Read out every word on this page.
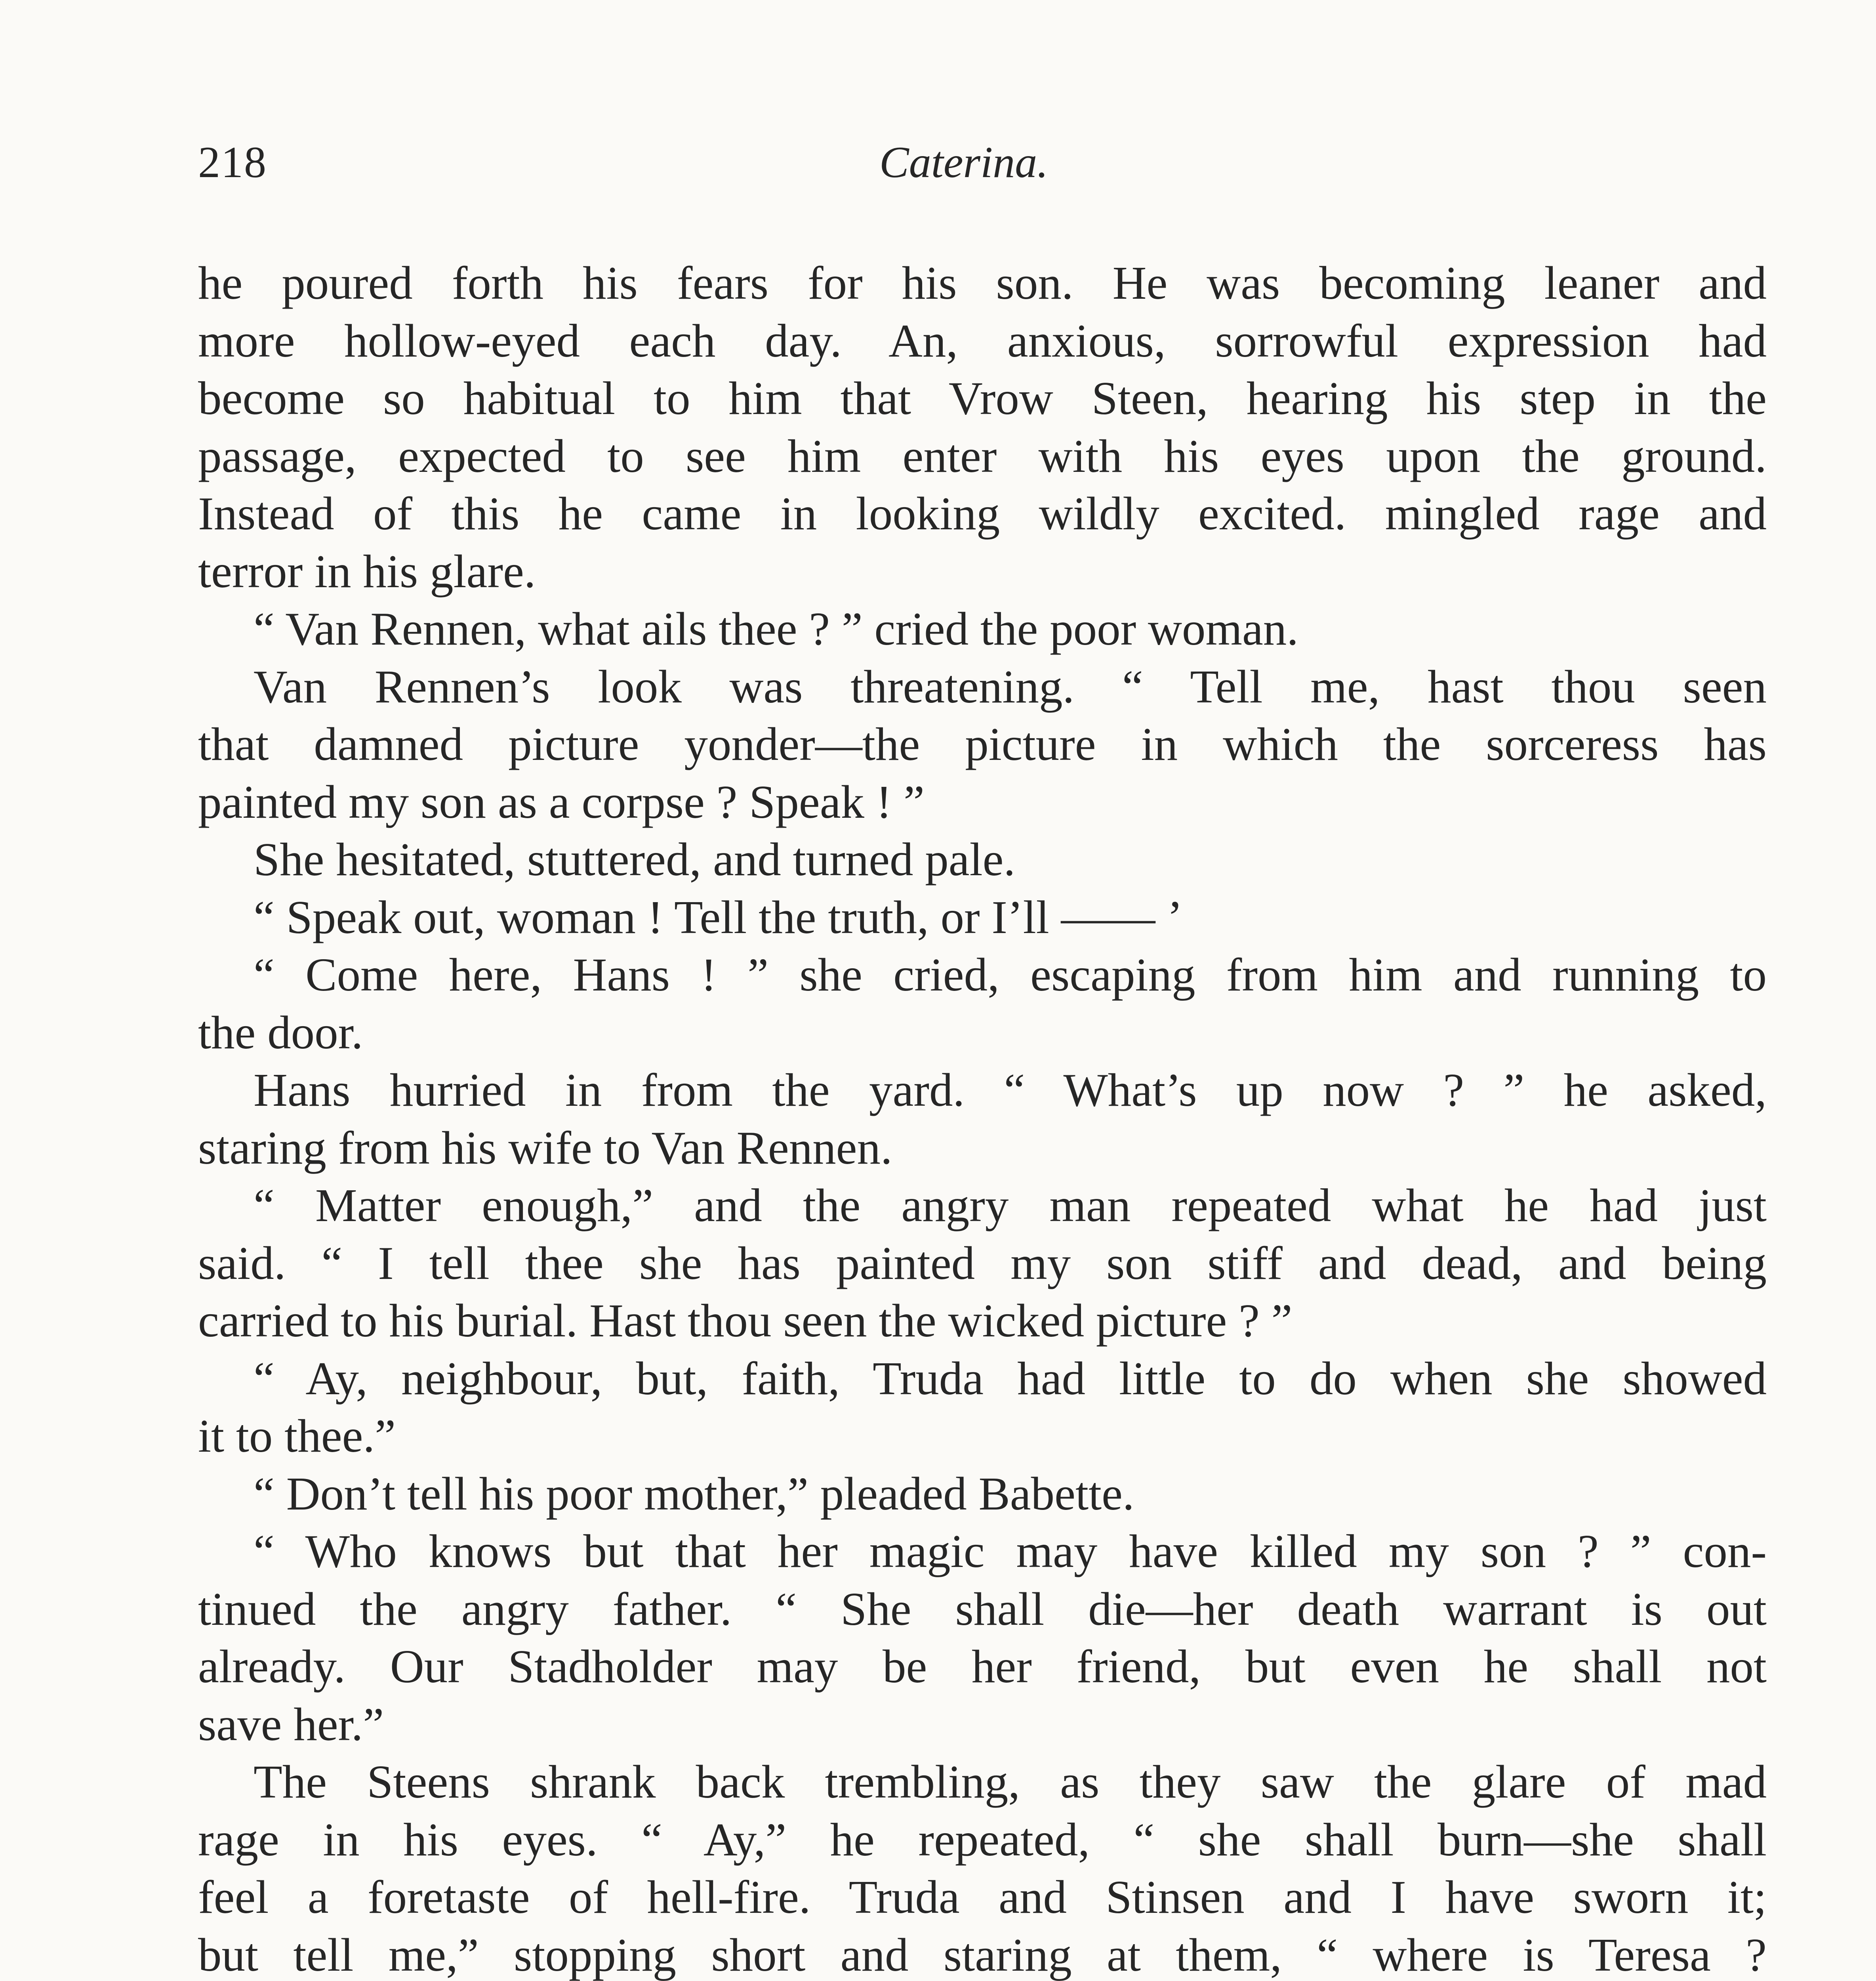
218	Caterina.
he poured forth his fears for his son. He was becoming leaner and
more hollow-eyed each day. An, anxious, sorrowful expression had
become so habitual to him that Vrow Steen, hearing his step in the
passage, expected to see him enter with his eyes upon the ground.
Instead of this he came in looking wildly excited. mingled rage and
terror in his glare.
“ Van Rennen, what ails thee ? ” cried the poor woman.
Van Rennen’s look was threatening. “ Tell me, hast thou seen
that damned picture yonder—the picture in which the sorceress has
painted my son as a corpse ? Speak ! ”
She hesitated, stuttered, and turned pale.
“ Speak out, woman ! Tell the truth, or I’ll —— ’
“ Come here, Hans ! ” she cried, escaping from him and running to
the door.
Hans hurried in from the yard. “ What’s up now ? ” he asked,
staring from his wife to Van Rennen.
“ Matter enough,” and the angry man repeated what he had just
said. “ I tell thee she has painted my son stiff and dead, and being
carried to his burial. Hast thou seen the wicked picture ? ”
“ Ay, neighbour, but, faith, Truda had little to do when she showed
it to thee.”
“ Don’t tell his poor mother,” pleaded Babette.
“ Who knows but that her magic may have killed my son ? ” con-
tinued the angry father. “ She shall die—her death warrant is out
already. Our Stadholder may be her friend, but even he shall not
save her.”
The Steens shrank back trembling, as they saw the glare of mad
rage in his eyes. “ Ay,” he repeated, “ she shall burn—she shall
feel a foretaste of hell-fire. Truda and Stinsen and I have sworn it;
but tell me,” stopping short and staring at them, “ where is Teresa ?
